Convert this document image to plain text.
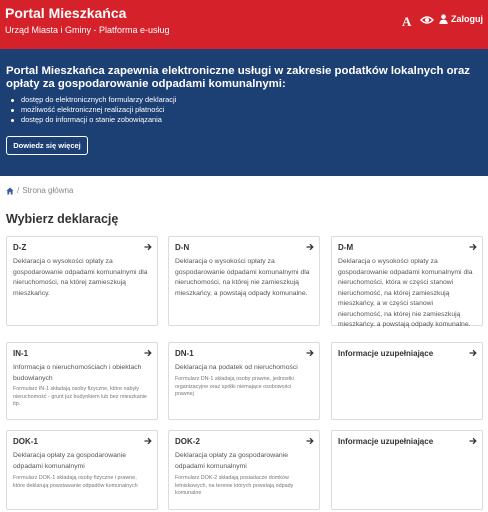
Portal Mieszkańca
Urząd Miasta i Gminy - Platforma e-usług
A	Zaloguj
Portal Mieszkańca zapewnia elektroniczne usługi w zakresie podatków lokalnych oraz opłaty za gospodarowanie odpadami komunalnymi:
dostęp do elektronicznych formularzy deklaracji
możliwość elektronicznej realizacji płatności
dostęp do informacji o stanie zobowiązania
Dowiedz się więcej
/ Strona główna
Wybierz deklarację
D-Z
Deklaracja o wysokości opłaty za gospodarowanie odpadami komunalnymi dla nieruchomości, na której zamieszkują mieszkańcy.
D-N
Deklaracja o wysokości opłaty za gospodarowanie odpadami komunalnymi dla nieruchomości, na której nie zamieszkują mieszkańcy, a powstają odpady komunalne.
D-M
Deklaracja o wysokości opłaty za gospodarowanie odpadami komunalnymi dla nieruchomości, która w części stanowi nieruchomość, na której zamieszkują mieszkańcy, a w części stanowi nieruchomość, na której nie zamieszkują mieszkańcy, a powstają odpady komunalne.
IN-1
Informacja o nieruchomościach i obiektach budowlanych
Formularz IN-1 składają osoby fizyczne, które nabyły nieruchomość - grunt już budynkiem lub bez mieszkanie itp.
DN-1
Deklaracja na podatek od nieruchomości
Formularz DN-1 składają osoby prawne, jednostki organizacyjne oraz spółki niemające osobowości prawnej
Informacje uzupełniające
DOK-1
Deklaracja opłaty za gospodarowanie odpadami komunalnymi
Formularz DOK-1 składają osoby fizyczne i prawne, które deklarują powstawanie odpadów komunalnych
DOK-2
Deklaracja opłaty za gospodarowanie odpadami komunalnymi
Formularz DOK-2 składają posiadacze domków letniskowych, na terenie których powstają odpady komunalne
Informacje uzupełniające
